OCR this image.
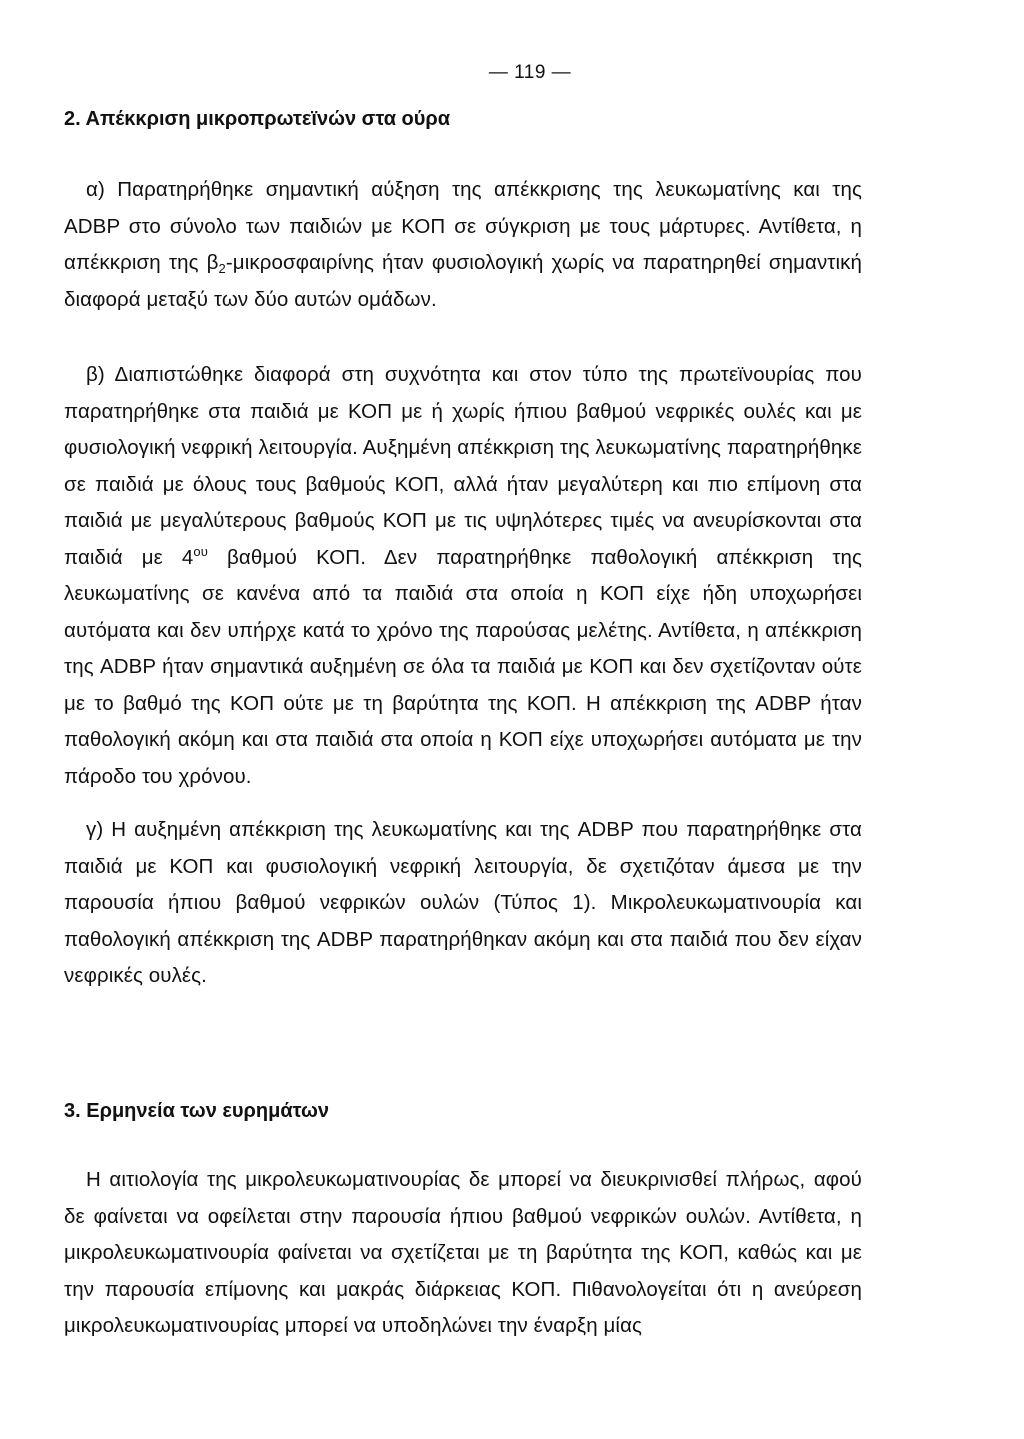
— 119 —
2. Απέκκριση μικροπρωτεϊνών στα ούρα

α) Παρατηρήθηκε σημαντική αύξηση της απέκκρισης της λευκωματίνης και της ADBP στο σύνολο των παιδιών με ΚΟΠ σε σύγκριση με τους μάρτυρες. Αντίθετα, η απέκκριση της $\beta_2$-μικροσφαιρίνης ήταν φυσιολογική χωρίς να παρατηρηθεί σημαντική διαφορά μεταξύ των δύο αυτών ομάδων.

β) Διαπιστώθηκε διαφορά στη συχνότητα και στον τύπο της πρωτεϊνουρίας που παρατηρήθηκε στα παιδιά με ΚΟΠ με ή χωρίς ήπιου βαθμού νεφρικές ουλές και με φυσιολογική νεφρική λειτουργία. Αυξημένη απέκκριση της λευκωματίνης παρατηρήθηκε σε παιδιά με όλους τους βαθμούς ΚΟΠ, αλλά ήταν μεγαλύτερη και πιο επίμονη στα παιδιά με μεγαλύτερους βαθμούς ΚΟΠ με τις υψηλότερες τιμές να ανευρίσκονται στα παιδιά με $4^{o\upsilon}$ βαθμού ΚΟΠ. Δεν παρατηρήθηκε παθολογική απέκκριση της λευκωματίνης σε κανένα από τα παιδιά στα οποία η ΚΟΠ είχε ήδη υποχωρήσει αυτόματα και δεν υπήρχε κατά το χρόνο της παρούσας μελέτης. Αντίθετα, η απέκκριση της ADBP ήταν σημαντικά αυξημένη σε όλα τα παιδιά με ΚΟΠ και δεν σχετίζονταν ούτε με το βαθμό της ΚΟΠ ούτε με τη βαρύτητα της ΚΟΠ. Η απέκκριση της ADBP ήταν παθολογική ακόμη και στα παιδιά στα οποία η ΚΟΠ είχε υποχωρήσει αυτόματα με την πάροδο του χρόνου.

γ) Η αυξημένη απέκκριση της λευκωματίνης και της ADBP που παρατηρήθηκε στα παιδιά με ΚΟΠ και φυσιολογική νεφρική λειτουργία, δε σχετιζόταν άμεσα με την παρουσία ήπιου βαθμού νεφρικών ουλών (Τύπος 1). Μικρολευκωματινουρία και παθολογική απέκκριση της ADBP παρατηρήθηκαν ακόμη και στα παιδιά που δεν είχαν νεφρικές ουλές.

3. Ερμηνεία των ευρημάτων

Η αιτιολογία της μικρολευκωματινουρίας δε μπορεί να διευκρινισθεί πλήρως, αφού δε φαίνεται να οφείλεται στην παρουσία ήπιου βαθμού νεφρικών ουλών. Αντίθετα, η μικρολευκωματινουρία φαίνεται να σχετίζεται με τη βαρύτητα της ΚΟΠ, καθώς και με την παρουσία επίμονης και μακράς διάρκειας ΚΟΠ. Πιθανολογείται ότι η ανεύρεση μικρολευκωματινουρίας μπορεί να υποδηλώνει την έναρξη μίας
